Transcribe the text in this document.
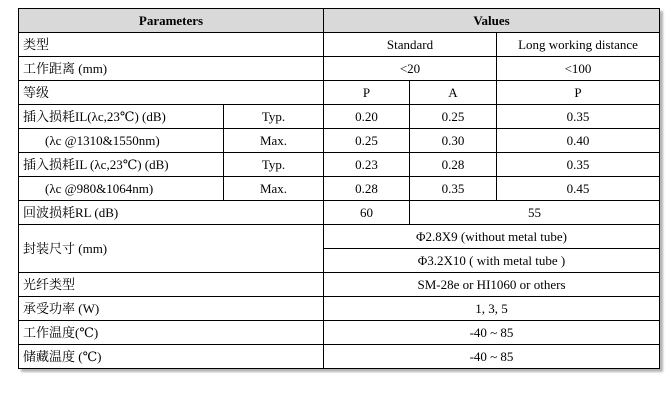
Parameters		Values		
类型		Standard		Long working distance
工作距离 (mm)		<20		<100
等级		P	A	P
插入损耗IL(λc,23℃) (dB)	Typ.	0.20	0.25	0.35
(λc @1310&1550nm)	Max.	0.25	0.30	0.40
插入损耗IL (λc,23℃) (dB)	Typ.	0.23	0.28	0.35
(λc @980&1064nm)	Max.	0.28	0.35	0.45
回波损耗RL (dB)		60	55	
封装尺寸 (mm)		Φ2.8X9 (without metal tube)		
		Φ3.2X10 ( with metal tube )		
光纤类型		SM-28e or HI1060 or others		
承受功率 (W)		1, 3, 5		
工作温度(℃)		-40 ~ 85		
储藏温度 (℃)		-40 ~ 85		
